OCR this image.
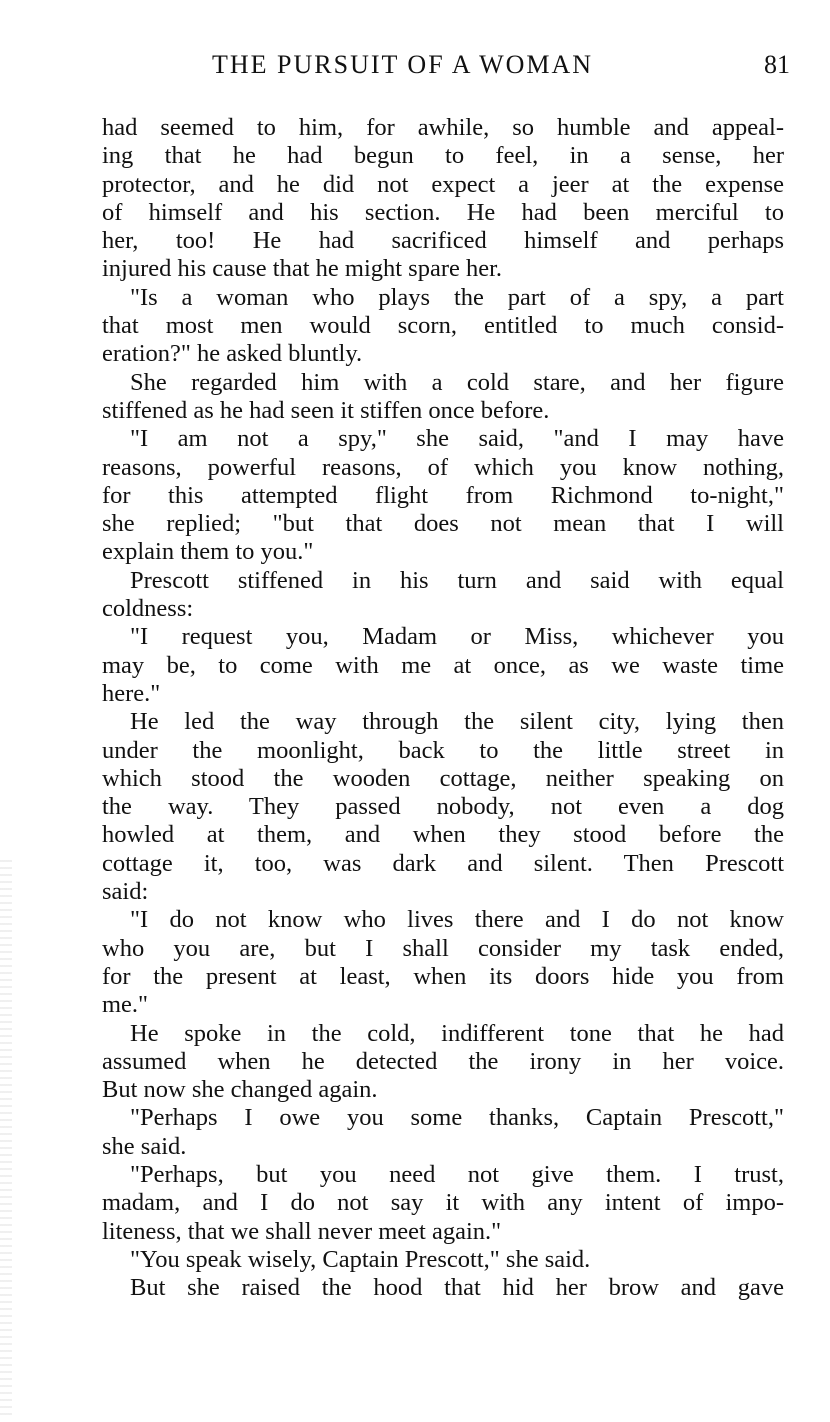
THE PURSUIT OF A WOMAN	81
had seemed to him, for awhile, so humble and appeal-
ing that he had begun to feel, in a sense, her
protector, and he did not expect a jeer at the expense
of himself and his section. He had been merciful to
her, too! He had sacrificed himself and perhaps
injured his cause that he might spare her.
"Is a woman who plays the part of a spy, a part
that most men would scorn, entitled to much consid-
eration?" he asked bluntly.
She regarded him with a cold stare, and her figure
stiffened as he had seen it stiffen once before.
"I am not a spy," she said, "and I may have
reasons, powerful reasons, of which you know nothing,
for this attempted flight from Richmond to-night,"
she replied; "but that does not mean that I will
explain them to you."
Prescott stiffened in his turn and said with equal
coldness:
"I request you, Madam or Miss, whichever you
may be, to come with me at once, as we waste time
here."
He led the way through the silent city, lying then
under the moonlight, back to the little street in
which stood the wooden cottage, neither speaking on
the way. They passed nobody, not even a dog
howled at them, and when they stood before the
cottage it, too, was dark and silent. Then Prescott
said:
"I do not know who lives there and I do not know
who you are, but I shall consider my task ended,
for the present at least, when its doors hide you from
me."
He spoke in the cold, indifferent tone that he had
assumed when he detected the irony in her voice.
But now she changed again.
"Perhaps I owe you some thanks, Captain Prescott,"
she said.
"Perhaps, but you need not give them. I trust,
madam, and I do not say it with any intent of impo-
liteness, that we shall never meet again."
"You speak wisely, Captain Prescott," she said.
But she raised the hood that hid her brow and gave
